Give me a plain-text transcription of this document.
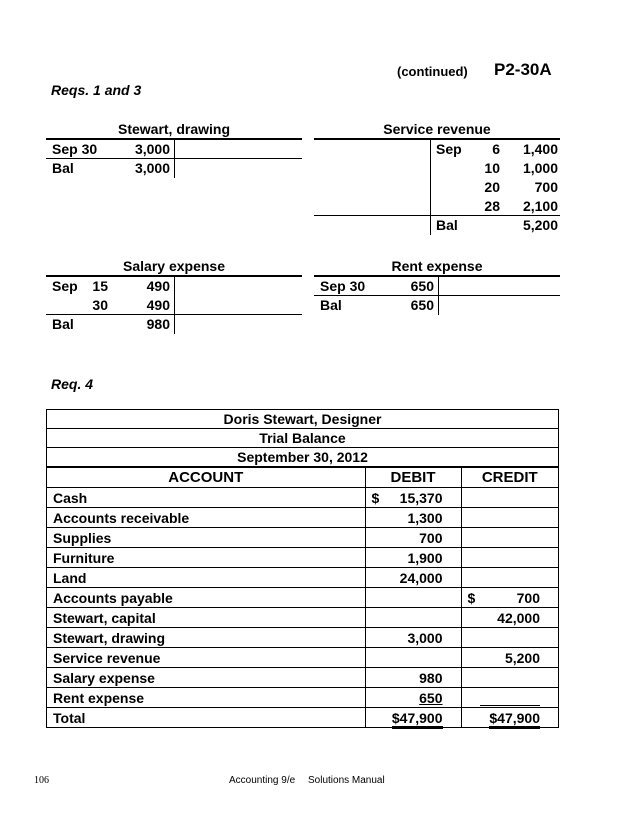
(continued) P2-30A
Reqs. 1 and 3
Stewart, drawing
Sep 30	3,000
Bal	3,000
Service revenue
Sep	6	1,400
10	1,000
20	700
28	2,100
Bal	5,200
Salary expense
Sep	15	490
30	490
Bal	980
Rent expense
Sep 30	650
Bal	650
Req. 4
Doris Stewart, Designer
Trial Balance
September 30, 2012
ACCOUNT	DEBIT	CREDIT
Cash	$ 15,370	

Accounts receivable	1,300	
Supplies	700	
Furniture	1,900	
Land	24,000	
Accounts payable		$ 700

Stewart, capital		42,000
Stewart, drawing	3,000	
Service revenue		5,200
Salary expense	980	
Rent expense	650	

Total	$47,900	$47,900
106	Accounting 9/e Solutions Manual
